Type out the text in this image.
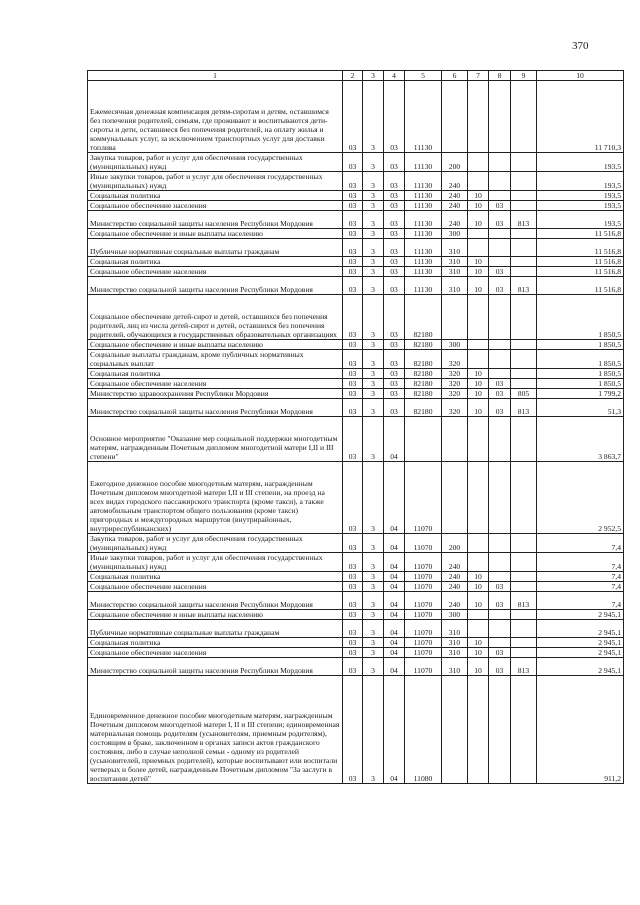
370
1	2	3	4	5	6	7	8	9	10
Ежемесячная денежная компенсация детям-сиротам и детям, оставшимся без попечения родителей, семьям, где проживают и воспитываются дети-сироты и дети, оставшиеся без попечения родителей, на оплату жилья и коммунальных услуг, за исключением транспортных услуг для доставки топлива	03	3	03	11130					11 710,3
Закупка товаров, работ и услуг для обеспечения государственных (муниципальных) нужд	03	3	03	11130	200				193,5
Иные закупки товаров, работ и услуг для обеспечения государственных (муниципальных) нужд	03	3	03	11130	240				193,5
Социальная политика	03	3	03	11130	240	10			193,5
Социальное обеспечение населения	03	3	03	11130	240	10	03		193,5
Министерство социальной защиты населения Республики Мордовия	03	3	03	11130	240	10	03	813	193,5
Социальное обеспечение и иные выплаты населению	03	3	03	11130	300				11 516,8
Публичные нормативные социальные выплаты гражданам	03	3	03	11130	310				11 516,8
Социальная политика	03	3	03	11130	310	10			11 516,8
Социальное обеспечение населения	03	3	03	11130	310	10	03		11 516,8
Министерство социальной защиты населения Республики Мордовия	03	3	03	11130	310	10	03	813	11 516,8
Социальное обеспечение детей-сирот и детей, оставшихся без попечения родителей, лиц из числа детей-сирот и детей, оставшихся без попечения родителей, обучающихся в государственных образовательных организациях	03	3	03	82180					1 850,5
Социальное обеспечение и иные выплаты населению	03	3	03	82180	300				1 850,5
Социальные выплаты гражданам, кроме публичных нормативных социальных выплат	03	3	03	82180	320				1 850,5
Социальная политика	03	3	03	82180	320	10			1 850,5
Социальное обеспечение населения	03	3	03	82180	320	10	03		1 850,5
Министерство здравоохранения Республики Мордовия	03	3	03	82180	320	10	03	805	1 799,2
Министерство социальной защиты населения Республики Мордовия	03	3	03	82180	320	10	03	813	51,3
Основное мероприятие "Оказание мер социальной поддержки многодетным матерям, награжденным Почетным дипломом многодетной матери I,II и III степени"	03	3	04						3 863,7
Ежегодное денежное пособие многодетным матерям, награжденным Почетным дипломом многодетной матери I,II и III степени, на проезд на всех видах городского пассажирского транспорта (кроме такси), а также автомобильным транспортом общего пользования (кроме такси) пригородных и междугородных маршрутов (внутрирайонных, внутриреспубликанских)	03	3	04	11070					2 952,5
Закупка товаров, работ и услуг для обеспечения государственных (муниципальных) нужд	03	3	04	11070	200				7,4
Иные закупки товаров, работ и услуг для обеспечения государственных (муниципальных) нужд	03	3	04	11070	240				7,4
Социальная политика	03	3	04	11070	240	10			7,4
Социальное обеспечение населения	03	3	04	11070	240	10	03		7,4
Министерство социальной защиты населения Республики Мордовия	03	3	04	11070	240	10	03	813	7,4
Социальное обеспечение и иные выплаты населению	03	3	04	11070	300				2 945,1
Публичные нормативные социальные выплаты гражданам	03	3	04	11070	310				2 945,1
Социальная политика	03	3	04	11070	310	10			2 945,1
Социальное обеспечение населения	03	3	04	11070	310	10	03		2 945,1
Министерство социальной защиты населения Республики Мордовия	03	3	04	11070	310	10	03	813	2 945,1
Единовременное денежное пособие многодетным матерям, награжденным Почетным дипломом многодетной матери I, II и III степени; единовременная материальная помощь родителям (усыновителям, приемным родителям), состоящим в браке, заключенном в органах записи актов гражданского состояния, либо в случае неполной семьи - одному из родителей (усыновителей, приемных родителей), которые воспитывают или воспитали четверых и более детей, награжденным Почетным дипломом "За заслуги в воспитании детей"	03	3	04	11080					911,2
